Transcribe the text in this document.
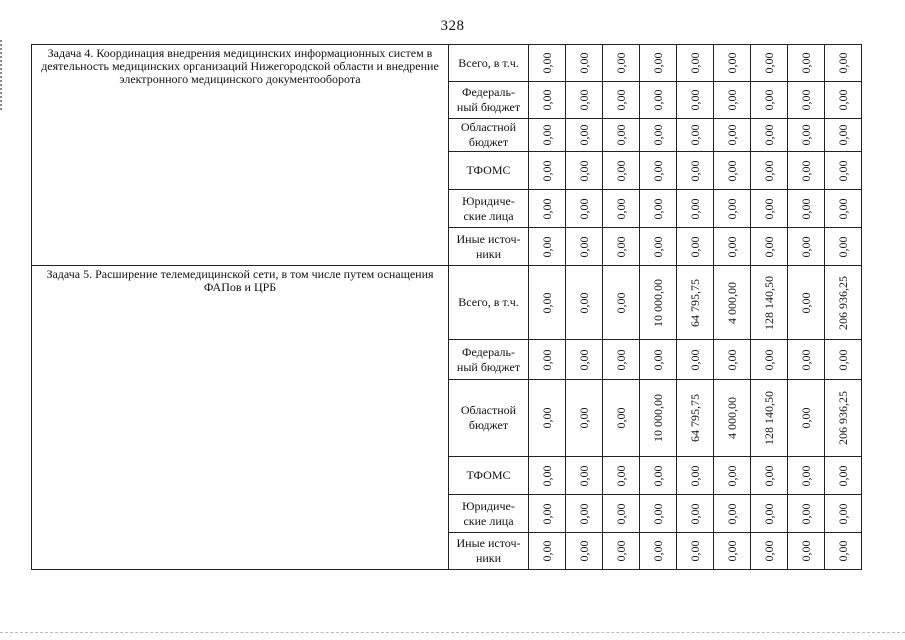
328
Задача 4. Координация внедрения медицинских информационных систем в деятельность медицинских организаций Нижегородской области и внедрение электронного медицинского документооборота	Всего, в т.ч.	0,00	0,00	0,00	0,00	0,00	0,00	0,00	0,00	0,00

	Федераль-
ный бюджет	0,00	0,00	0,00	0,00	0,00	0,00	0,00	0,00	0,00

	Областной
бюджет	0,00	0,00	0,00	0,00	0,00	0,00	0,00	0,00	0,00

	ТФОМС	0,00	0,00	0,00	0,00	0,00	0,00	0,00	0,00	0,00

	Юридиче-
ские лица	0,00	0,00	0,00	0,00	0,00	0,00	0,00	0,00	0,00

	Иные источ-
ники	0,00	0,00	0,00	0,00	0,00	0,00	0,00	0,00	0,00

Задача 5. Расширение телемедицинской сети, в том числе путем оснащения ФАПов и ЦРБ	Всего, в т.ч.	0,00	0,00	0,00	10 000,00	64 795,75	4 000,00	128 140,50	0,00	206 936,25

	Федераль-
ный бюджет	0,00	0,00	0,00	0,00	0,00	0,00	0,00	0,00	0,00

	Областной
бюджет	0,00	0,00	0,00	10 000,00	64 795,75	4 000,00	128 140,50	0,00	206 936,25

	ТФОМС	0,00	0,00	0,00	0,00	0,00	0,00	0,00	0,00	0,00

	Юридиче-
ские лица	0,00	0,00	0,00	0,00	0,00	0,00	0,00	0,00	0,00

	Иные источ-
ники	0,00	0,00	0,00	0,00	0,00	0,00	0,00	0,00	0,00
